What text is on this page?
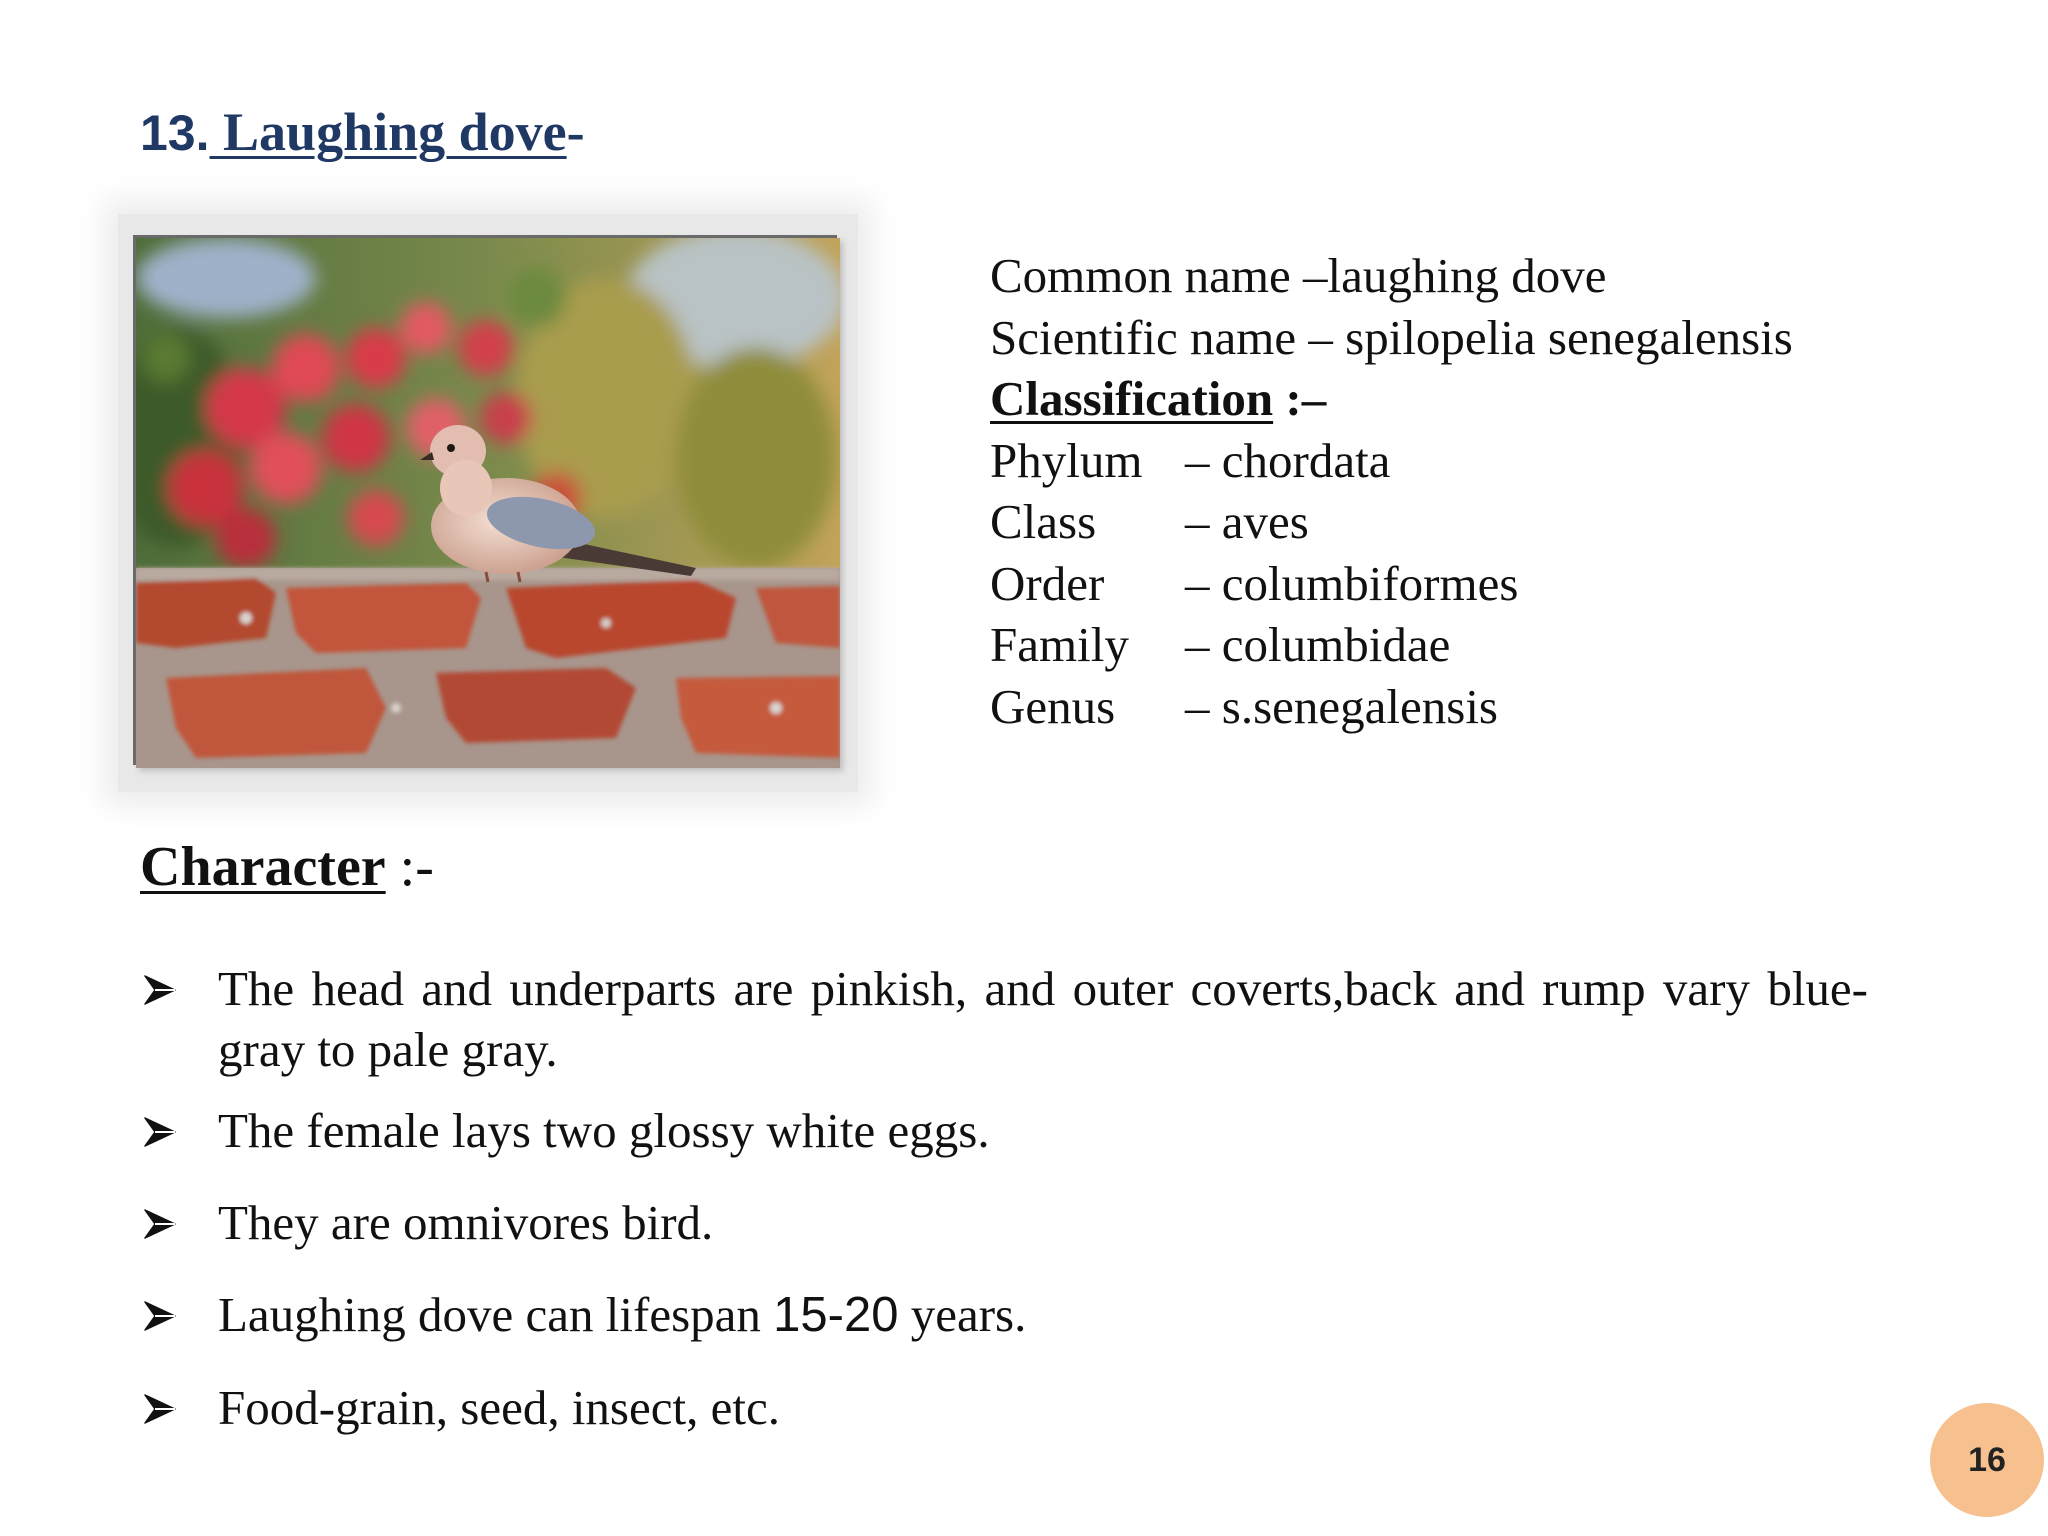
13. Laughing dove-
Common name –laughing dove
Scientific name – spilopelia senegalensis
Classification :–
Phylum – chordata
Class – aves
Order – columbiformes
Family – columbidae
Genus – s.senegalensis
Character :-
The head and underparts are pinkish, and outer coverts,back and rump vary blue-gray to pale gray.
The female lays two glossy white eggs.
They are omnivores bird.
Laughing dove can lifespan 15-20 years.
Food-grain, seed, insect, etc.
16
